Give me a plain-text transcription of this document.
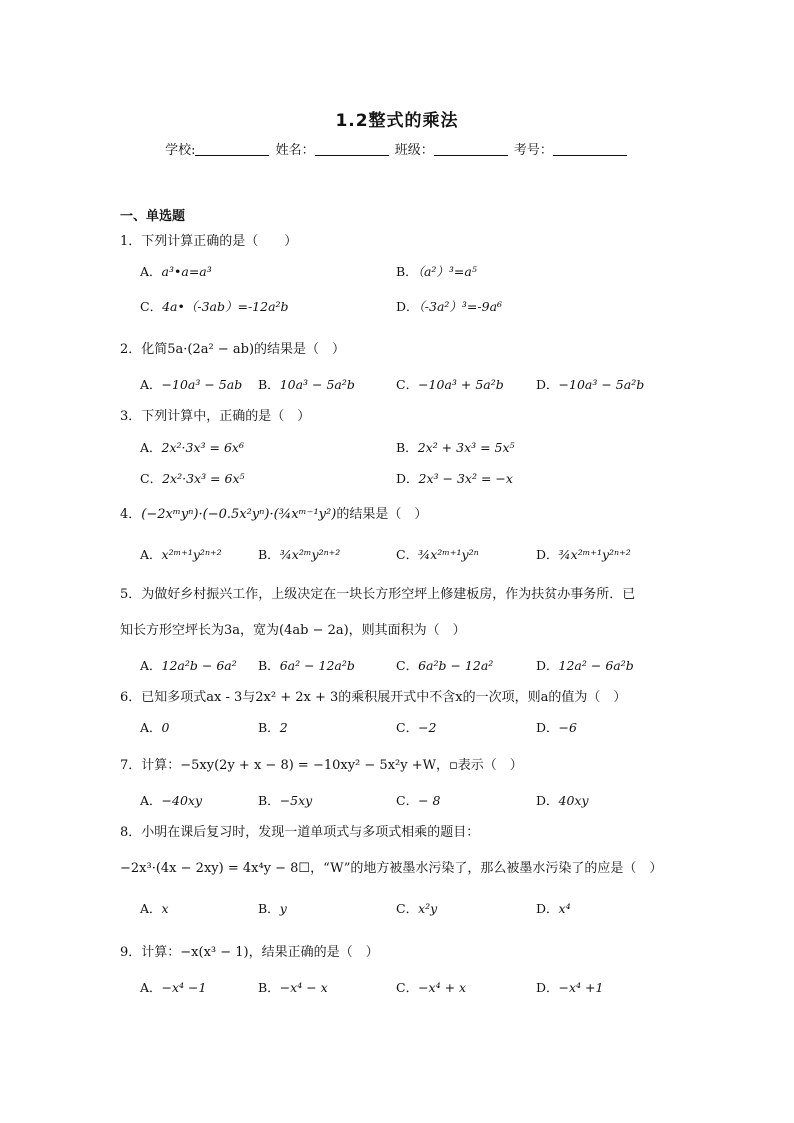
1.2整式的乘法
学校:	姓名：	班级：	考号：
一、单选题
1．下列计算正确的是（　　）
A．a³•a=a³	B．（a²）³=a⁵
C．4a•（-3ab）=-12a²b	D．（-3a²）³=-9a⁶
2．化简5a·(2a² − ab)的结果是（　）
A．−10a³ − 5ab B．10a³ − 5a²b	C．−10a³ + 5a²b	D．−10a³ − 5a²b
3．下列计算中，正确的是（　）
A．2x²·3x³ = 6x⁶	B．2x² + 3x³ = 5x⁵
C．2x²·3x³ = 6x⁵	D．2x³ − 3x² = −x
4．(−2xᵐyⁿ)·(−0.5x²yⁿ)·(¾xᵐ⁻¹y²)的结果是（　）
A．x²ᵐ⁺¹y²ⁿ⁺²	B．¾x²ᵐy²ⁿ⁺²	C．¾x²ᵐ⁺¹y²ⁿ	D．¾x²ᵐ⁺¹y²ⁿ⁺²
5．为做好乡村振兴工作，上级决定在一块长方形空坪上修建板房，作为扶贫办事务所．已
知长方形空坪长为3a，宽为(4ab − 2a)，则其面积为（　）
A．12a²b − 6a² B．6a² − 12a²b	C．6a²b − 12a²	D．12a² − 6a²b
6．已知多项式ax - 3与2x² + 2x + 3的乘积展开式中不含x的一次项，则a的值为（　）
A．0	B．2	C．−2	D．−6
7．计算：−5xy(2y + x − 8) = −10xy² − 5x²y +W，▫表示（　）
A．−40xy	B．−5xy	C．− 8	D．40xy
8．小明在课后复习时，发现一道单项式与多项式相乘的题目：
−2x³·(4x − 2xy) = 4x⁴y − 8☐，“W”的地方被墨水污染了，那么被墨水污染了的应是（　）
A．x	B．y	C．x²y	D．x⁴
9．计算：−x(x³ − 1)，结果正确的是（　）
A．−x⁴ −1	B．−x⁴ − x	C．−x⁴ + x	D．−x⁴ +1
